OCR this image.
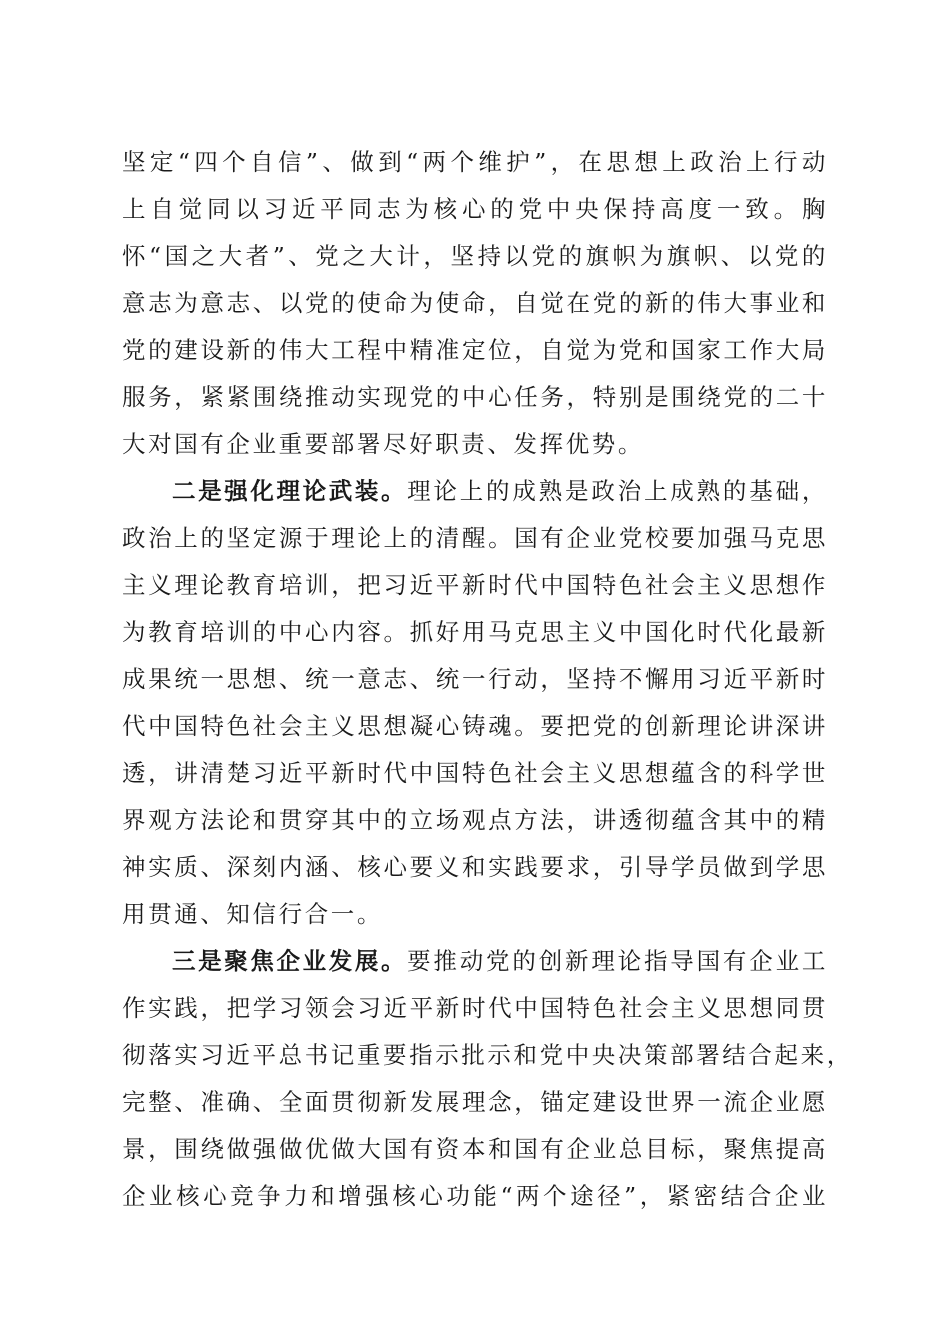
坚定“四个自信”、做到“两个维护”，在思想上政治上行动
上自觉同以习近平同志为核心的党中央保持高度一致。胸
怀“国之大者”、党之大计，坚持以党的旗帜为旗帜、以党的
意志为意志、以党的使命为使命，自觉在党的新的伟大事业和
党的建设新的伟大工程中精准定位，自觉为党和国家工作大局
服务，紧紧围绕推动实现党的中心任务，特别是围绕党的二十
大对国有企业重要部署尽好职责、发挥优势。
二是强化理论武装。理论上的成熟是政治上成熟的基础，
政治上的坚定源于理论上的清醒。国有企业党校要加强马克思
主义理论教育培训，把习近平新时代中国特色社会主义思想作
为教育培训的中心内容。抓好用马克思主义中国化时代化最新
成果统一思想、统一意志、统一行动，坚持不懈用习近平新时
代中国特色社会主义思想凝心铸魂。要把党的创新理论讲深讲
透，讲清楚习近平新时代中国特色社会主义思想蕴含的科学世
界观方法论和贯穿其中的立场观点方法，讲透彻蕴含其中的精
神实质、深刻内涵、核心要义和实践要求，引导学员做到学思
用贯通、知信行合一。
三是聚焦企业发展。要推动党的创新理论指导国有企业工
作实践，把学习领会习近平新时代中国特色社会主义思想同贯
彻落实习近平总书记重要指示批示和党中央决策部署结合起来，
完整、准确、全面贯彻新发展理念，锚定建设世界一流企业愿
景，围绕做强做优做大国有资本和国有企业总目标，聚焦提高
企业核心竞争力和增强核心功能“两个途径”，紧密结合企业
